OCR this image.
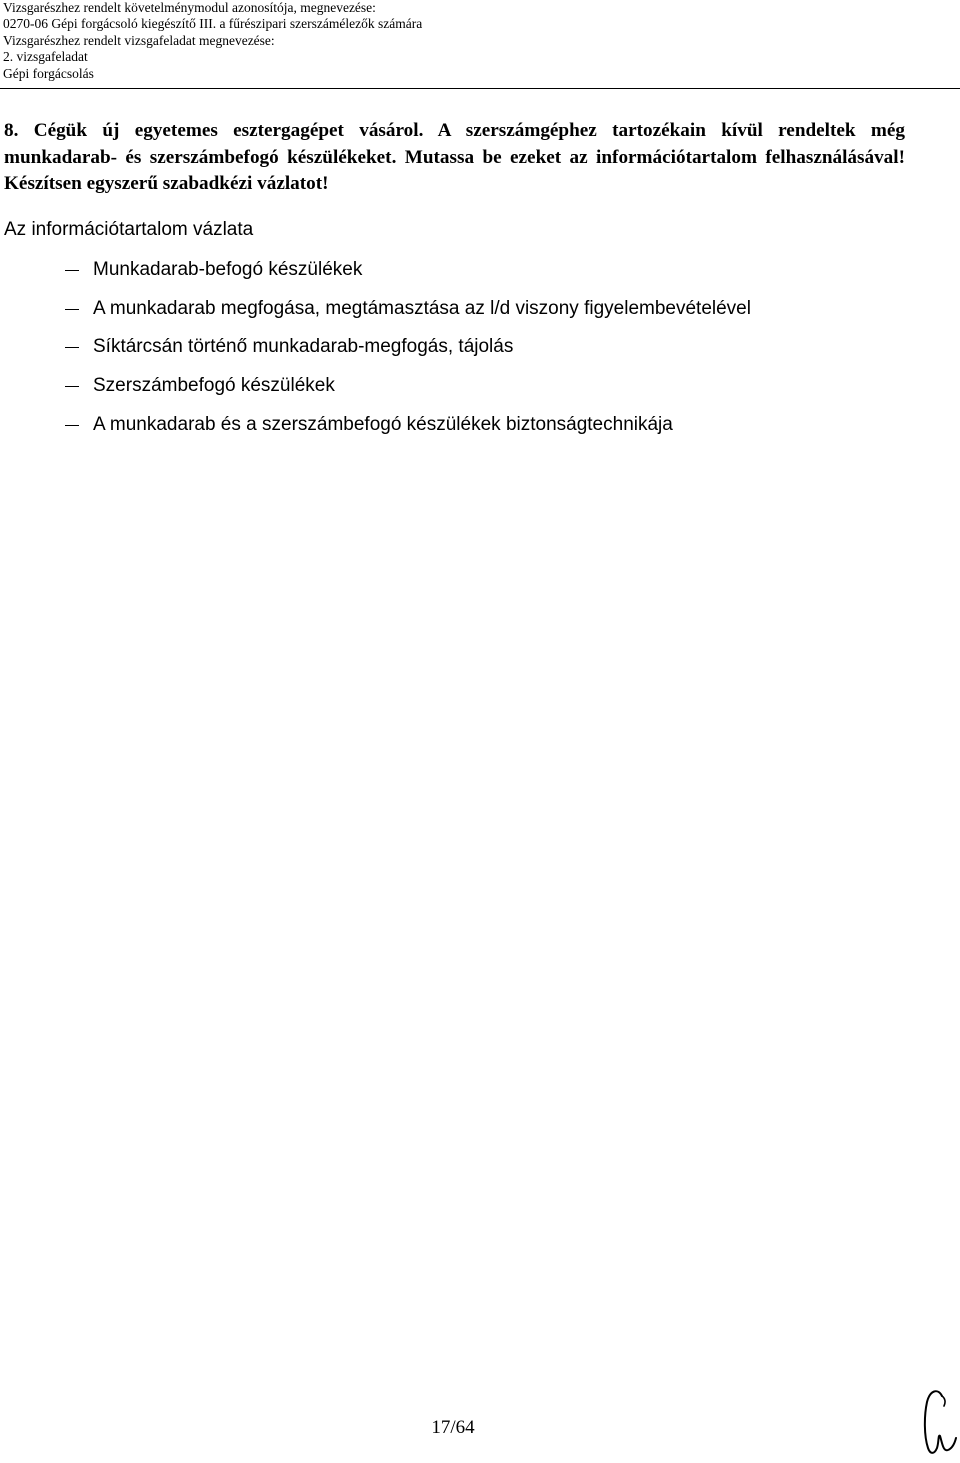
Vizsgarészhez rendelt követelménymodul azonosítója, megnevezése:
0270-06 Gépi forgácsoló kiegészítő III. a fűrészipari szerszámélezők számára
Vizsgarészhez rendelt vizsgafeladat megnevezése:
2. vizsgafeladat
Gépi forgácsolás
8. Cégük új egyetemes esztergagépet vásárol. A szerszámgéphez tartozékain kívül rendeltek még munkadarab- és szerszámbefogó készülékeket. Mutassa be ezeket az információtartalom felhasználásával! Készítsen egyszerű szabadkézi vázlatot!
Az információtartalom vázlata
Munkadarab-befogó készülékek
A munkadarab megfogása, megtámasztása az l/d viszony figyelembevételével
Síktárcsán történő munkadarab-megfogás, tájolás
Szerszámbefogó készülékek
A munkadarab és a szerszámbefogó készülékek biztonságtechnikája
17/64
